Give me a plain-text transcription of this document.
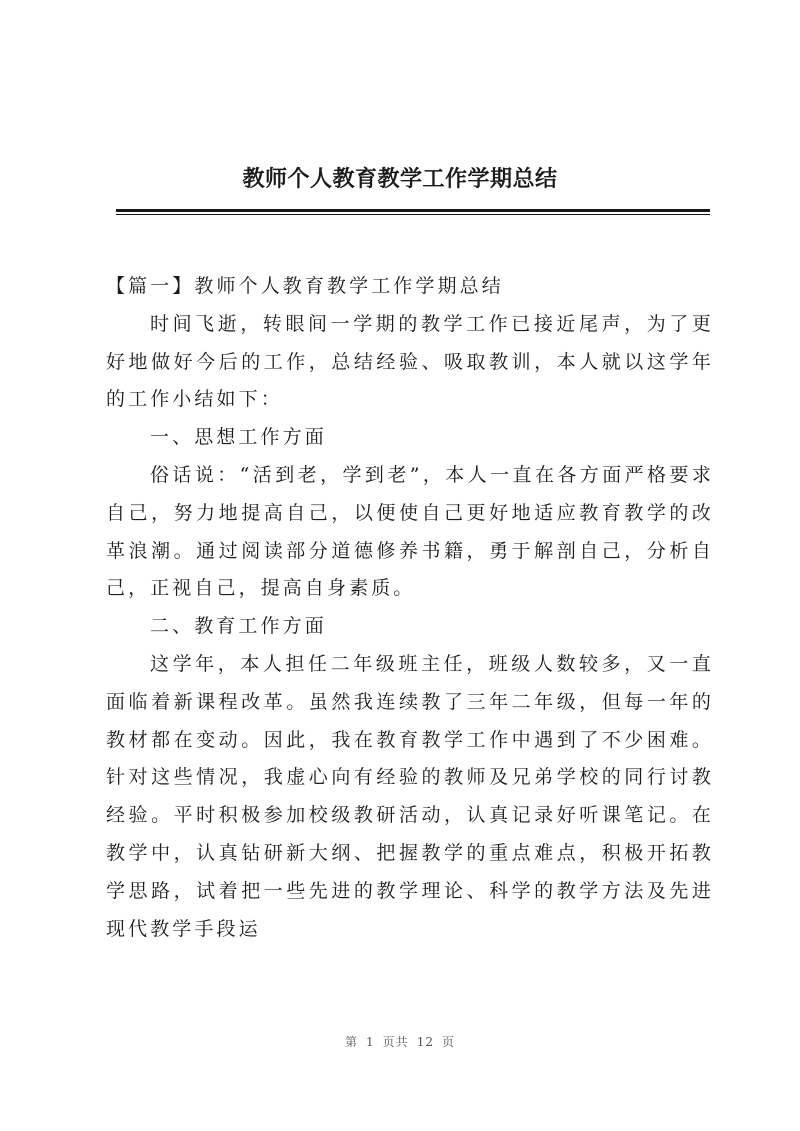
教师个人教育教学工作学期总结

【篇一】教师个人教育教学工作学期总结

时间飞逝，转眼间一学期的教学工作已接近尾声，为了更好地做好今后的工作，总结经验、吸取教训，本人就以这学年的工作小结如下：

一、思想工作方面

俗话说：“活到老，学到老”，本人一直在各方面严格要求自己，努力地提高自己，以便使自己更好地适应教育教学的改革浪潮。通过阅读部分道德修养书籍，勇于解剖自己，分析自己，正视自己，提高自身素质。

二、教育工作方面

这学年，本人担任二年级班主任，班级人数较多，又一直面临着新课程改革。虽然我连续教了三年二年级，但每一年的教材都在变动。因此，我在教育教学工作中遇到了不少困难。针对这些情况，我虚心向有经验的教师及兄弟学校的同行讨教经验。平时积极参加校级教研活动，认真记录好听课笔记。在教学中，认真钻研新大纲、把握教学的重点难点，积极开拓教学思路，试着把一些先进的教学理论、科学的教学方法及先进现代教学手段运

第 1 页共 12 页
